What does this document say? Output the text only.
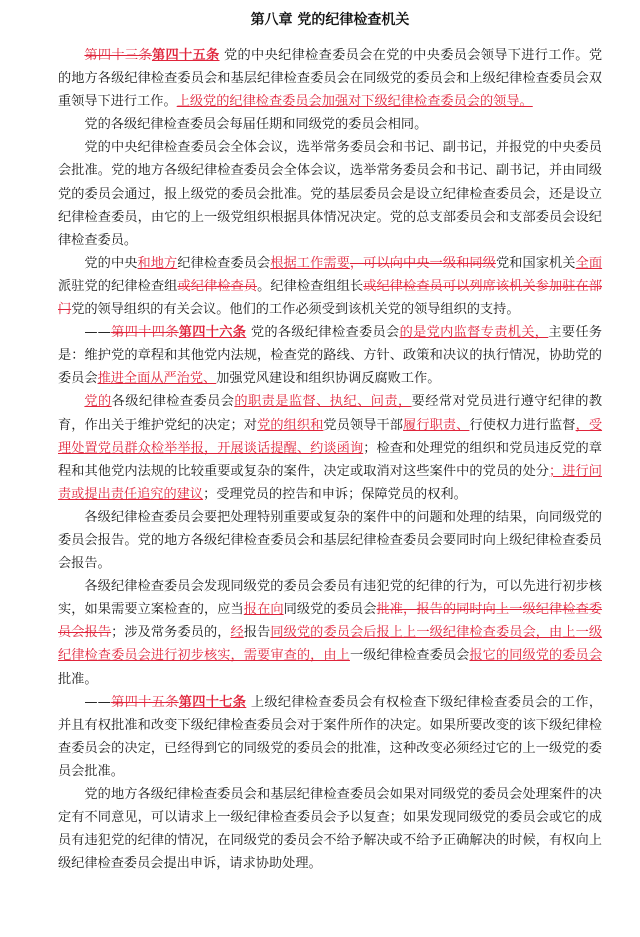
第八章 党的纪律检查机关

第四十三条第四十五条 党的中央纪律检查委员会在党的中央委员会领导下进行工作。党的地方各级纪律检查委员会和基层纪律检查委员会在同级党的委员会和上级纪律检查委员会双重领导下进行工作。上级党的纪律检查委员会加强对下级纪律检查委员会的领导。

党的各级纪律检查委员会每届任期和同级党的委员会相同。

党的中央纪律检查委员会全体会议，选举常务委员会和书记、副书记，并报党的中央委员会批准。党的地方各级纪律检查委员会全体会议，选举常务委员会和书记、副书记，并由同级党的委员会通过，报上级党的委员会批准。党的基层委员会是设立纪律检查委员会，还是设立纪律检查委员，由它的上一级党组织根据具体情况决定。党的总支部委员会和支部委员会设纪律检查委员。

党的中央和地方纪律检查委员会根据工作需要，可以向中央一级和同级党和国家机关全面派驻党的纪律检查组或纪律检查员。纪律检查组组长或纪律检查员可以列席该机关参加驻在部门党的领导组织的有关会议。他们的工作必须受到该机关党的领导组织的支持。

——第四十四条第四十六条 党的各级纪律检查委员会的是党内监督专责机关，主要任务是：维护党的章程和其他党内法规，检查党的路线、方针、政策和决议的执行情况，协助党的委员会推进全面从严治党、加强党风建设和组织协调反腐败工作。

党的各级纪律检查委员会的职责是监督、执纪、问责，要经常对党员进行遵守纪律的教育，作出关于维护党纪的决定；对党的组织和党员领导干部履行职责、行使权力进行监督，受理处置党员群众检举举报，开展谈话提醒、约谈函询；检查和处理党的组织和党员违反党的章程和其他党内法规的比较重要或复杂的案件，决定或取消对这些案件中的党员的处分；进行问责或提出责任追究的建议；受理党员的控告和申诉；保障党员的权利。

各级纪律检查委员会要把处理特别重要或复杂的案件中的问题和处理的结果，向同级党的委员会报告。党的地方各级纪律检查委员会和基层纪律检查委员会要同时向上级纪律检查委员会报告。

各级纪律检查委员会发现同级党的委员会委员有违犯党的纪律的行为，可以先进行初步核实，如果需要立案检查的，应当报在向同级党的委员会批准，报告的同时向上一级纪律检查委员会报告；涉及常务委员的，经报告同级党的委员会后报上上一级纪律检查委员会，由上一级纪律检查委员会进行初步核实，需要审查的，由上一级纪律检查委员会报它的同级党的委员会批准。

——第四十五条第四十七条 上级纪律检查委员会有权检查下级纪律检查委员会的工作，并且有权批准和改变下级纪律检查委员会对于案件所作的决定。如果所要改变的该下级纪律检查委员会的决定，已经得到它的同级党的委员会的批准，这种改变必须经过它的上一级党的委员会批准。

党的地方各级纪律检查委员会和基层纪律检查委员会如果对同级党的委员会处理案件的决定有不同意见，可以请求上一级纪律检查委员会予以复查；如果发现同级党的委员会或它的成员有违犯党的纪律的情况，在同级党的委员会不给予解决或不给予正确解决的时候，有权向上级纪律检查委员会提出申诉，请求协助处理。
